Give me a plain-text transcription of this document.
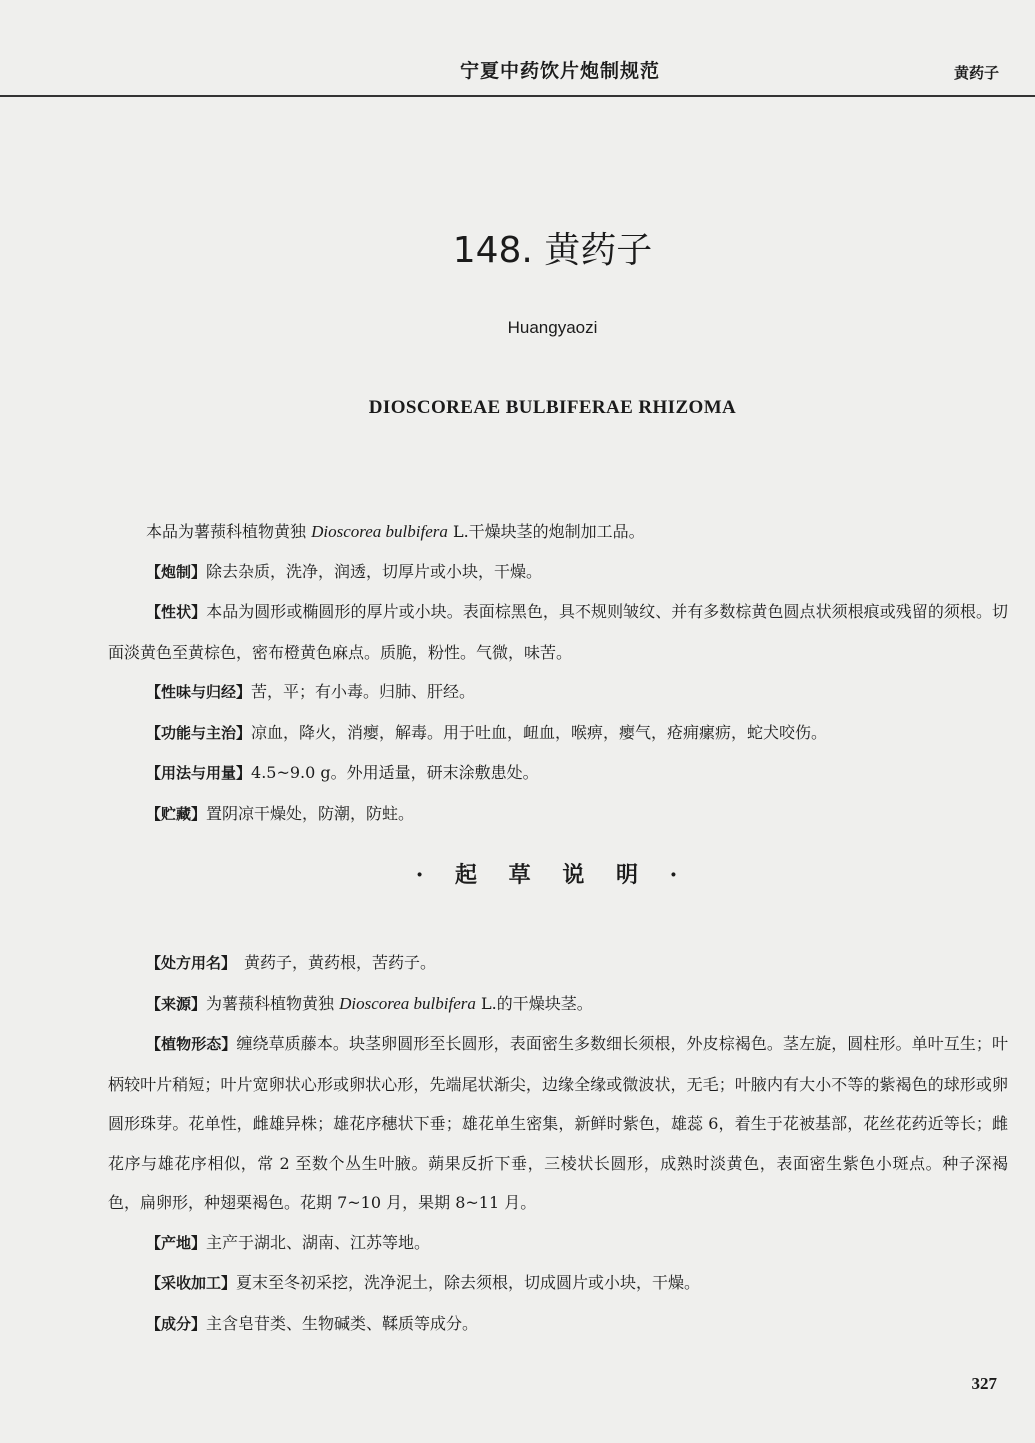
宁夏中药饮片炮制规范	黄药子
148. 黄药子
Huangyaozi
DIOSCOREAE BULBIFERAE RHIZOMA

本品为薯蓣科植物黄独 Dioscorea bulbifera L.干燥块茎的炮制加工品。

【炮制】除去杂质，洗净，润透，切厚片或小块，干燥。

【性状】本品为圆形或椭圆形的厚片或小块。表面棕黑色，具不规则皱纹、并有多数棕黄色圆点状须根痕或残留的须根。切面淡黄色至黄棕色，密布橙黄色麻点。质脆，粉性。气微，味苦。

【性味与归经】苦，平；有小毒。归肺、肝经。

【功能与主治】凉血，降火，消瘿，解毒。用于吐血，衄血，喉痹，瘿气，疮痈瘰疬，蛇犬咬伤。

【用法与用量】4.5~9.0 g。外用适量，研末涂敷患处。

【贮藏】置阴凉干燥处，防潮，防蛀。

· 起 草 说 明 ·

【处方用名】 黄药子，黄药根，苦药子。

【来源】为薯蓣科植物黄独 Dioscorea bulbifera L.的干燥块茎。

【植物形态】缠绕草质藤本。块茎卵圆形至长圆形，表面密生多数细长须根，外皮棕褐色。茎左旋，圆柱形。单叶互生；叶柄较叶片稍短；叶片宽卵状心形或卵状心形，先端尾状渐尖，边缘全缘或微波状，无毛；叶腋内有大小不等的紫褐色的球形或卵圆形珠芽。花单性，雌雄异株；雄花序穗状下垂；雄花单生密集，新鲜时紫色，雄蕊 6，着生于花被基部，花丝花药近等长；雌花序与雄花序相似，常 2 至数个丛生叶腋。蒴果反折下垂，三棱状长圆形，成熟时淡黄色，表面密生紫色小斑点。种子深褐色，扁卵形，种翅栗褐色。花期 7~10 月，果期 8~11 月。

【产地】主产于湖北、湖南、江苏等地。

【采收加工】夏末至冬初采挖，洗净泥土，除去须根，切成圆片或小块，干燥。

【成分】主含皂苷类、生物碱类、鞣质等成分。

327
